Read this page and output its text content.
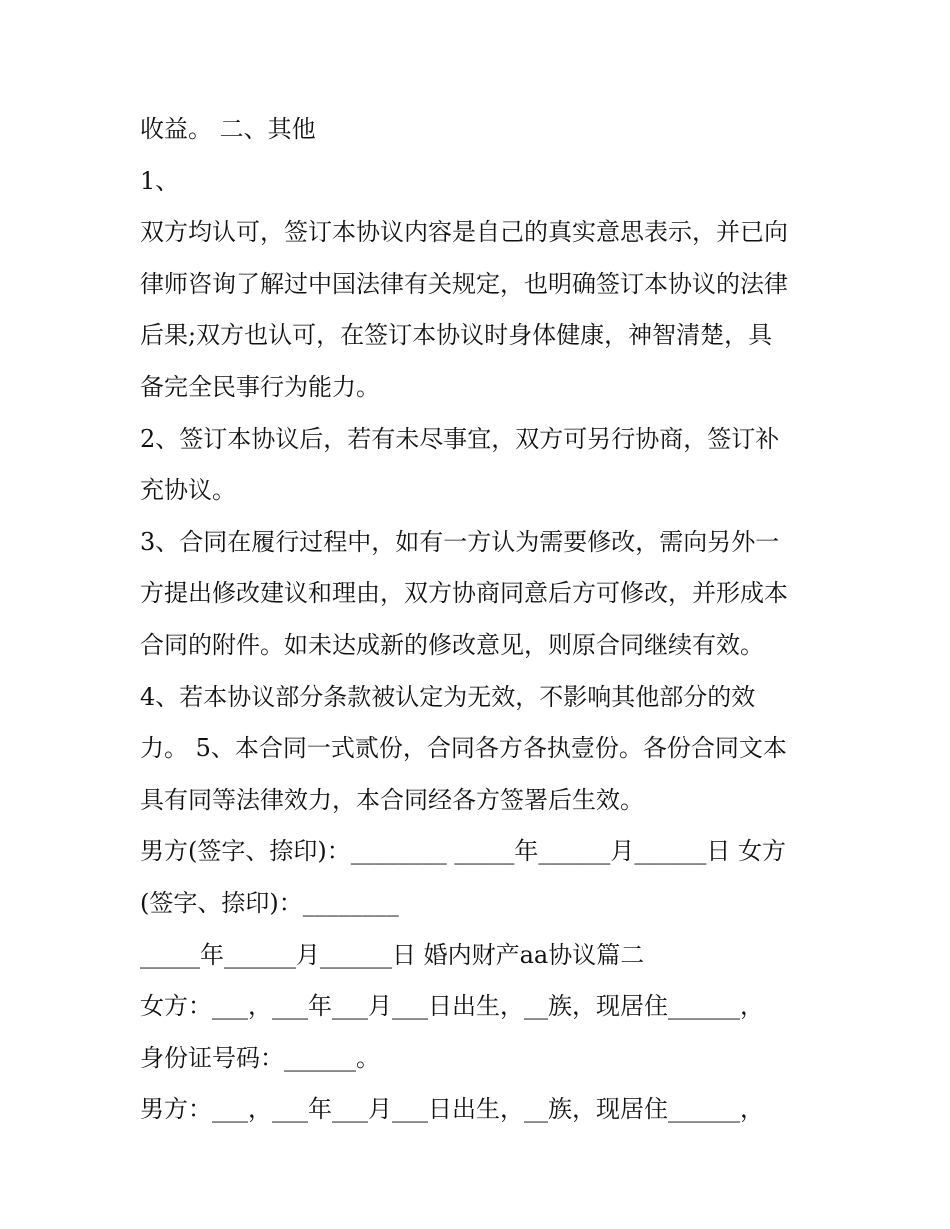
收益。 二、其他
1、
双方均认可，签订本协议内容是自己的真实意思表示，并已向
律师咨询了解过中国法律有关规定，也明确签订本协议的法律
后果;双方也认可，在签订本协议时身体健康，神智清楚，具
备完全民事行为能力。
2、签订本协议后，若有未尽事宜，双方可另行协商，签订补
充协议。
3、合同在履行过程中，如有一方认为需要修改，需向另外一
方提出修改建议和理由，双方协商同意后方可修改，并形成本
合同的附件。如未达成新的修改意见，则原合同继续有效。
4、若本协议部分条款被认定为无效，不影响其他部分的效
力。 5、本合同一式贰份，合同各方各执壹份。各份合同文本
具有同等法律效力，本合同经各方签署后生效。
男方(签字、捺印)：________ _____年______月______日 女方
(签字、捺印)：________
_____年______月______日 婚内财产aa协议篇二
女方：___，___年___月___日出生，__族，现居住______，
身份证号码：______。
男方：___，___年___月___日出生，__族，现居住______，
